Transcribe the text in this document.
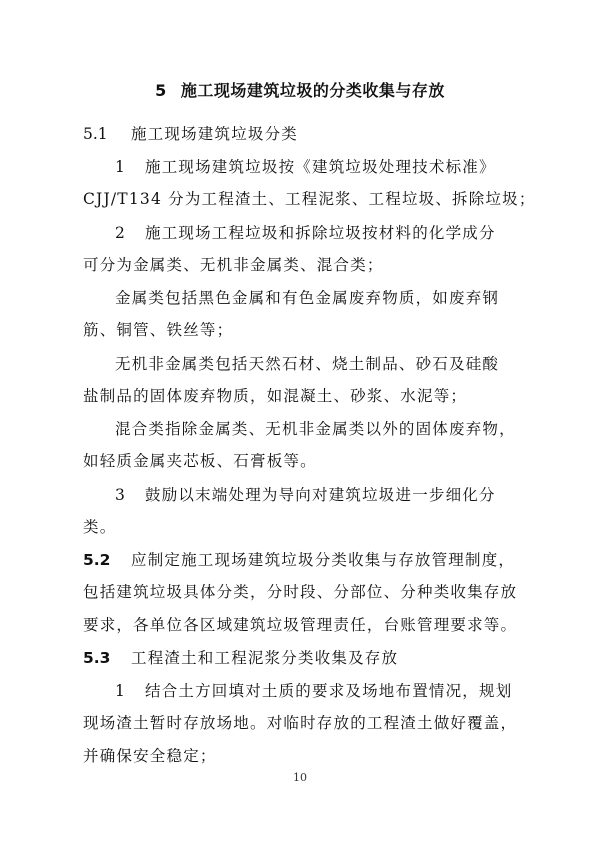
5 施工现场建筑垃圾的分类收集与存放
5.1 施工现场建筑垃圾分类
1 施工现场建筑垃圾按《建筑垃圾处理技术标准》
CJJ/T134 分为工程渣土、工程泥浆、工程垃圾、拆除垃圾；
2 施工现场工程垃圾和拆除垃圾按材料的化学成分
可分为金属类、无机非金属类、混合类；
金属类包括黑色金属和有色金属废弃物质，如废弃钢
筋、铜管、铁丝等；
无机非金属类包括天然石材、烧土制品、砂石及硅酸
盐制品的固体废弃物质，如混凝土、砂浆、水泥等；
混合类指除金属类、无机非金属类以外的固体废弃物，
如轻质金属夹芯板、石膏板等。
3 鼓励以末端处理为导向对建筑垃圾进一步细化分
类。
5.2 应制定施工现场建筑垃圾分类收集与存放管理制度，
包括建筑垃圾具体分类，分时段、分部位、分种类收集存放
要求，各单位各区域建筑垃圾管理责任，台账管理要求等。
5.3 工程渣土和工程泥浆分类收集及存放
1 结合土方回填对土质的要求及场地布置情况，规划
现场渣土暂时存放场地。对临时存放的工程渣土做好覆盖，
并确保安全稳定；
10
